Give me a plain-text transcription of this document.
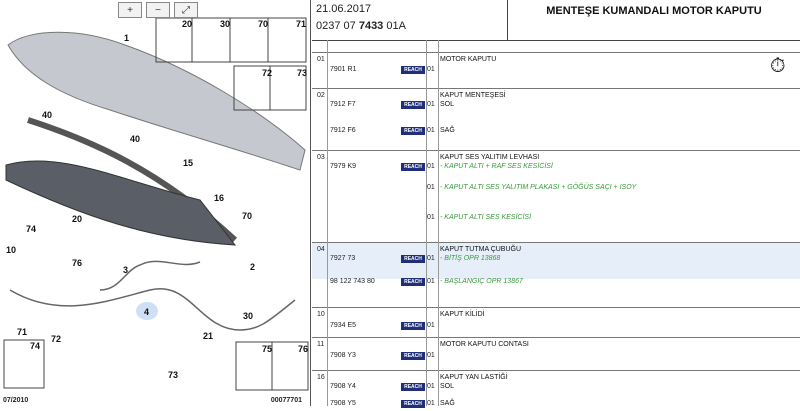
+	−	⤢
1
40
40
15
16
70
20
74
76
3	2
10
30
4
71
72	21
73
74
20	30	70	71
72	73
75	76
07/2010	00077701
21.06.2017
0237 07 7433 01A
MENTEŞE KUMANDALI MOTOR KAPUTU
⏱
01	MOTOR KAPUTU
7901 R1	REACH 01
02	KAPUT MENTEŞESİ
7912 F7	REACH 01 SOL
7912 F6	REACH 01 SAĞ
03	KAPUT SES YALITIM LEVHASI
7979 K9	REACH 01 - KAPUT ALTI + RAF SES KESİCİSİ
01 - KAPUT ALTI SES YALITIM PLAKASI + GÖĞÜS SAÇI + ISOY
01 - KAPUT ALTI SES KESİCİSİ
04	KAPUT TUTMA ÇUBUĞU
7927 73	REACH 01 - BİTİŞ OPR 13868
98 122 743 80	REACH 01 - BAŞLANGIÇ OPR 13867
10	KAPUT KİLİDİ
7934 E5	REACH 01
11	MOTOR KAPUTU CONTASI
7908 Y3	REACH 01
16	KAPUT YAN LASTİĞİ
7908 Y4	REACH 01 SOL
7908 Y5	REACH 01 SAĞ
